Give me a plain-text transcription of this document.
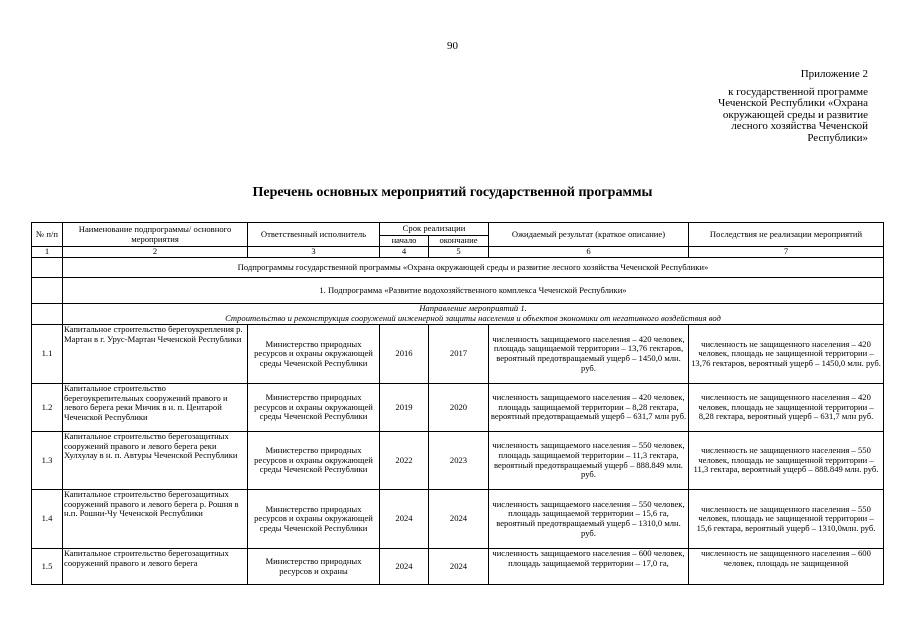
90
Приложение 2
к государственной программе
Чеченской Республики «Охрана
окружающей среды и развитие
лесного хозяйства Чеченской
Республики»
Перечень основных мероприятий государственной программы
№ п/п	Наименование подпрограммы/ основного мероприятия	Ответственный исполнитель	Срок реализации		Ожидаемый результат (краткое описание)	Последствия не реализации мероприятий
			начало	окончание		
1	2	3	4	5	6	7
	Подпрограммы государственной программы «Охрана окружающей среды и развитие лесного хозяйства Чеченской Республики»					
	1. Подпрограмма «Развитие водохозяйственного комплекса Чеченской Республики»					

	Направление мероприятий 1.
Строительство и реконструкция сооружений инженерной защиты населения и объектов экономики от негативного воздействия вод					

1.1	Капитальное строительство берегоукрепления р. Мартан в г. Урус-Мартан Чеченской Республики	Министерство природных ресурсов и охраны окружающей среды Чеченской Республики	2016	2017	численность защищаемого населения – 420 человек, площадь защищаемой территории – 13,76 гектаров, вероятный предотвращаемый ущерб – 1450,0 млн. руб.	численность не защищенного населения – 420 человек, площадь не защищенной территории – 13,76 гектаров, вероятный ущерб – 1450,0 млн. руб.
1.2	Капитальное строительство берегоукрепительных сооружений правого и левого берега реки Мичик в н. п. Центарой Чеченской Республики	Министерство природных ресурсов и охраны окружающей среды Чеченской Республики	2019	2020	численность защищаемого населения – 420 человек, площадь защищаемой территории – 8,28 гектара, вероятный предотвращаемый ущерб – 631,7 млн руб.	численность не защищенного населения – 420 человек, площадь не защищенной территории – 8,28 гектара, вероятный ущерб – 631,7 млн руб.
1.3	Капитальное строительство берегозащитных сооружений правого и левого берега реки Хулхулау в н. п. Автуры Чеченской Республики	Министерство природных ресурсов и охраны окружающей среды Чеченской Республики	2022	2023	численность защищаемого населения – 550 человек, площадь защищаемой территории – 11,3 гектара, вероятный предотвращаемый ущерб – 888.849 млн. руб.	численность не защищенного населения – 550 человек, площадь не защищенной территории – 11,3 гектара, вероятный ущерб – 888.849 млн. руб.
1.4	Капитальное строительство берегозащитных сооружений правого и левого берега р. Рошня в н.п. Рошни-Чу Чеченской Республики	Министерство природных ресурсов и охраны окружающей среды Чеченской Республики	2024	2024	численность защищаемого населения – 550 человек, площадь защищаемой территории – 15,6 га, вероятный предотвращаемый ущерб – 1310,0 млн. руб.	численность не защищенного населения – 550 человек, площадь не защищенной территории – 15,6 гектара, вероятный ущерб – 1310,0млн. руб.
1.5	Капитальное строительство берегозащитных сооружений правого и левого берега	Министерство природных ресурсов и охраны	2024	2024	численность защищаемого населения – 600 человек, площадь защищаемой территории – 17,0 га,	численность не защищенного населения – 600 человек, площадь не защищенной
